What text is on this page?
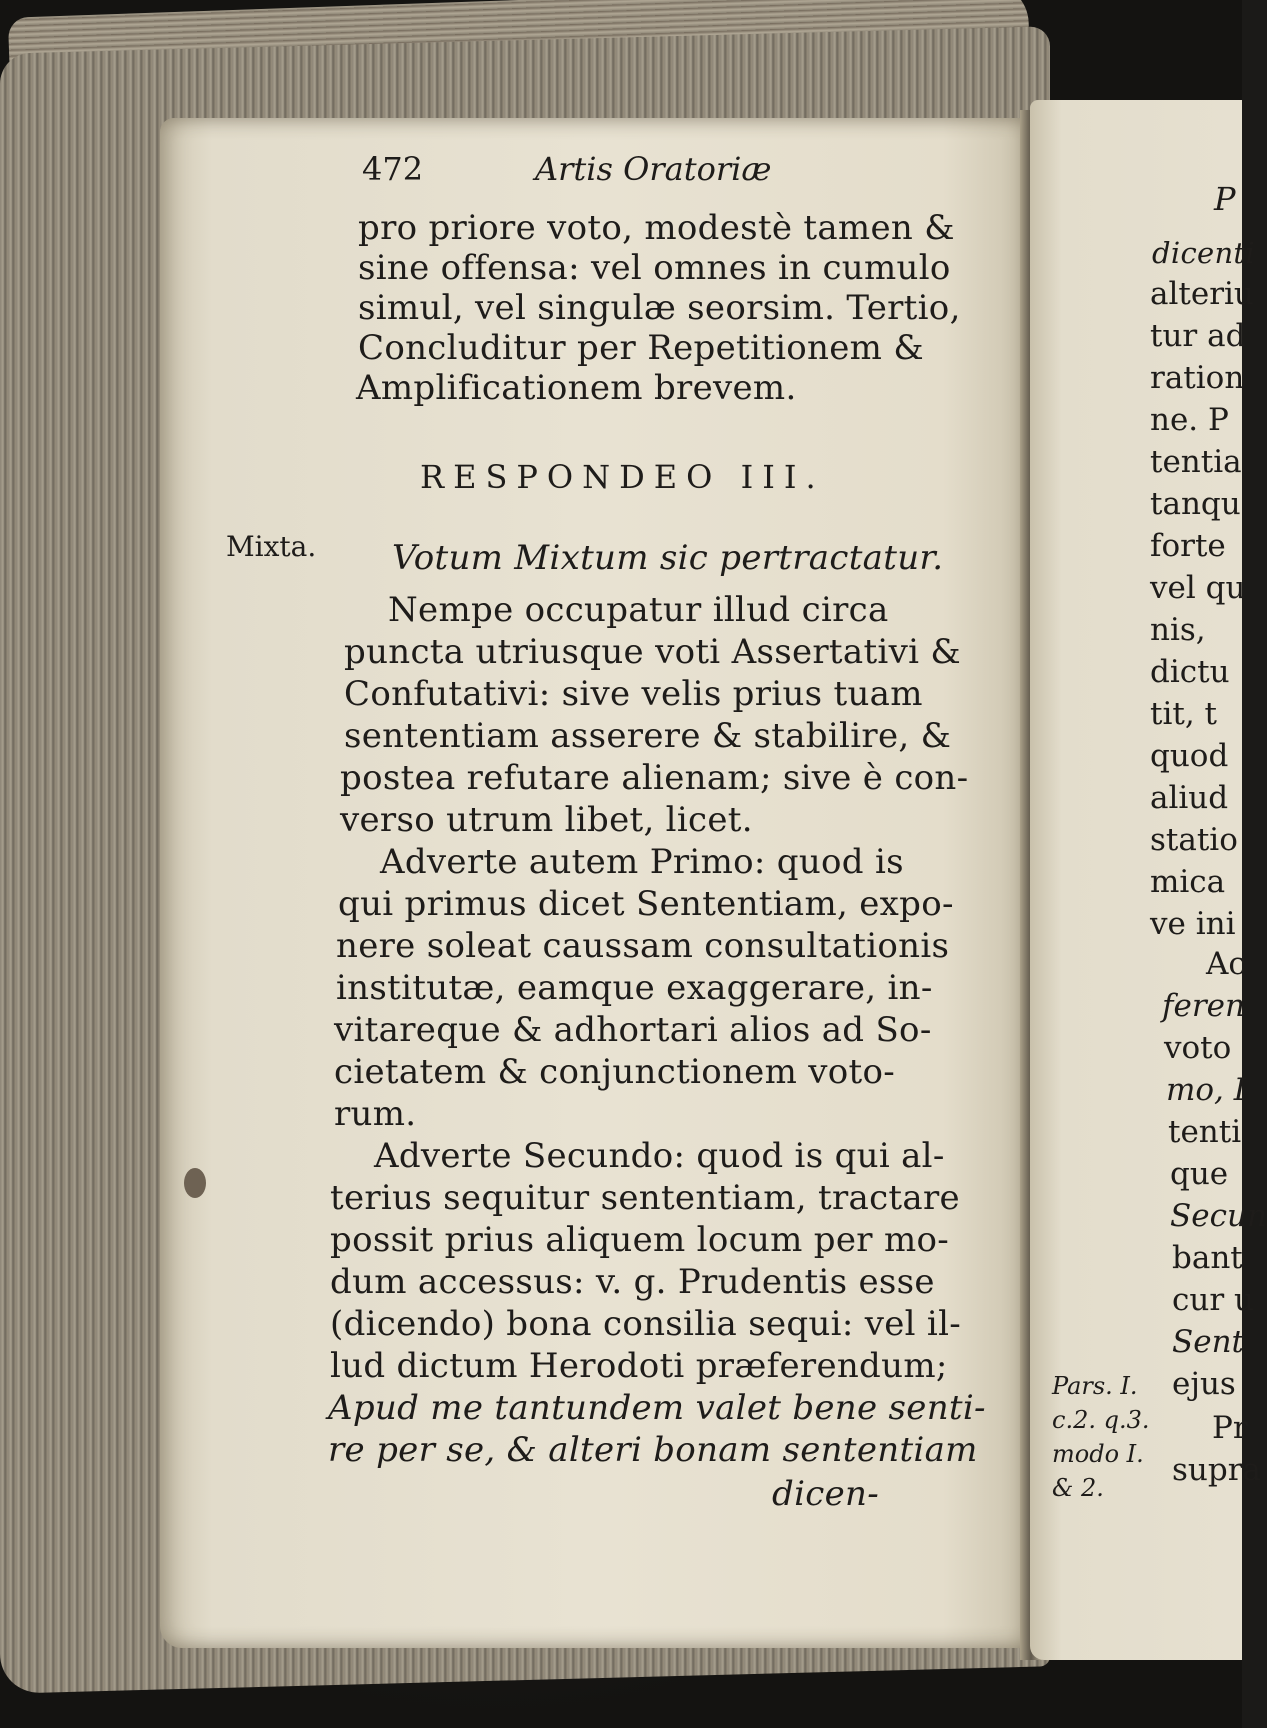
472	Artis Oratoriæ
pro priore voto, modestè tamen &
sine offensa: vel omnes in cumulo
simul, vel singulæ seorsim. Tertio,
Concluditur per Repetitionem &
Amplificationem brevem.
RESPONDEO III.
Mixta. Votum Mixtum sic pertractatur.
Nempe occupatur illud circa
puncta utriusque voti Assertativi &
Confutativi: sive velis prius tuam
sententiam asserere & stabilire, &
postea refutare alienam; sive è con-
verso utrum libet, licet.
Adverte autem Primo: quod is
qui primus dicet Sententiam, expo-
nere soleat caussam consultationis
institutæ, eamque exaggerare, in-
vitareque & adhortari alios ad So-
cietatem & conjunctionem voto-
rum.
Adverte Secundo: quod is qui al-
terius sequitur sententiam, tractare
possit prius aliquem locum per mo-
dum accessus: v. g. Prudentis esse
(dicendo) bona consilia sequi: vel il-
lud dictum Herodoti præferendum;
Apud me tantundem valet bene senti-
re per se, & alteri bonam sententiam
dicen-
Pars. I.
c.2. q.3.
modo I.
& 2.
P
dicenti
alteriu
tur ad
ration
ne. P
tentia
tanqu
forte
vel qu
nis,
dictu
tit, t
quod
aliud
statio
mica
ve ini
Ac
feren
voto
mo, I
tenti
que
Secun
bant
cur u
Sent
ejus
Pr
supra
